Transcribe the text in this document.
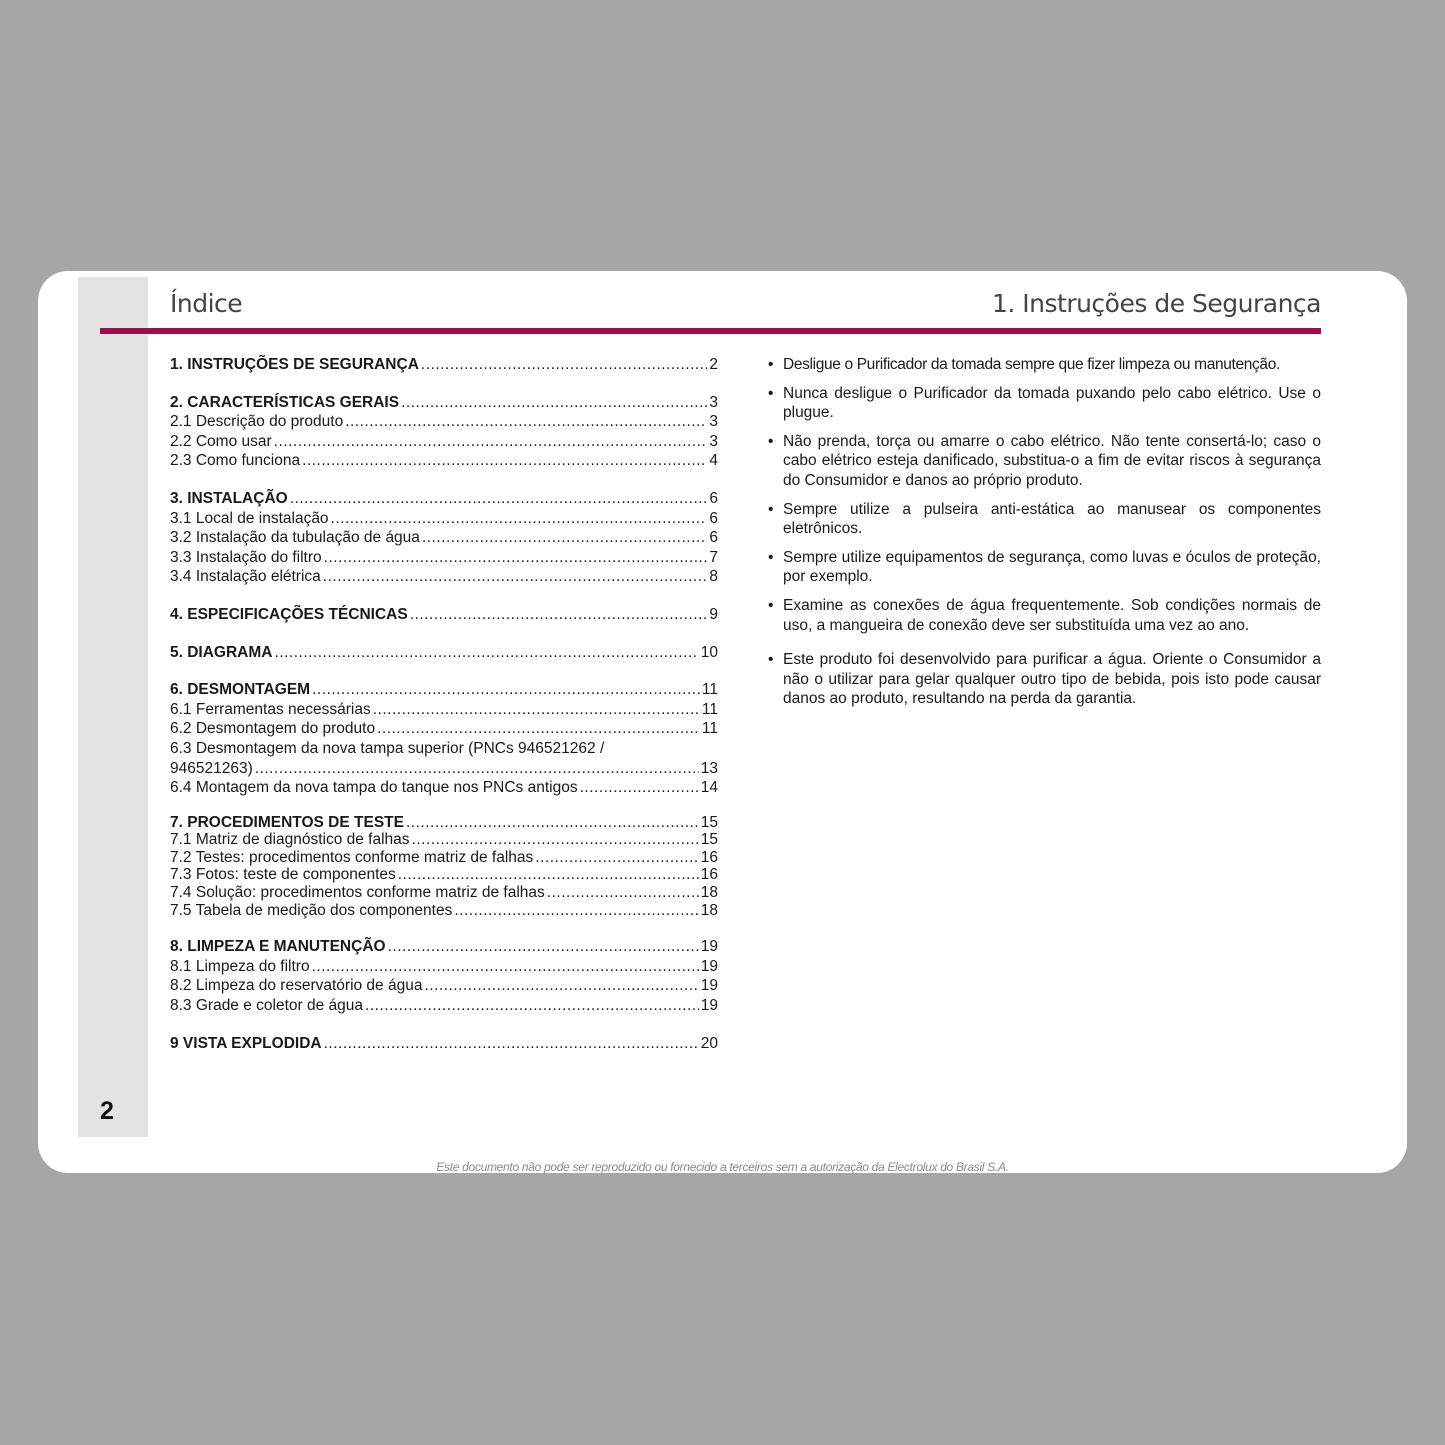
2
Índice	1. Instruções de Segurança
1. INSTRUÇÕES DE SEGURANÇA .....	2
2. CARACTERÍSTICAS GERAIS .....	3
2.1 Descrição do produto .....	3
2.2 Como usar .....	3
2.3 Como funciona .....	4
3. INSTALAÇÃO .....	6
3.1 Local de instalação .....	6
3.2 Instalação da tubulação de água .....	6
3.3 Instalação do filtro .....	7
3.4 Instalação elétrica .....	8
4. ESPECIFICAÇÕES TÉCNICAS .....	9
5. DIAGRAMA .....	10
6. DESMONTAGEM .....	11
6.1 Ferramentas necessárias .....	11
6.2 Desmontagem do produto .....	11
6.3 Desmontagem da nova tampa superior (PNCs 946521262 /
946521263) .....	13
6.4 Montagem da nova tampa do tanque nos PNCs antigos .....	14
7. PROCEDIMENTOS DE TESTE .....	15
7.1 Matriz de diagnóstico de falhas .....	15
7.2 Testes: procedimentos conforme matriz de falhas .....	16
7.3 Fotos: teste de componentes .....	16
7.4 Solução: procedimentos conforme matriz de falhas .....	18
7.5 Tabela de medição dos componentes .....	18
8. LIMPEZA E MANUTENÇÃO .....	19
8.1 Limpeza do filtro .....	19
8.2 Limpeza do reservatório de água .....	19
8.3 Grade e coletor de água .....	19
9 VISTA EXPLODIDA .....	20
• Desligue o Purificador da tomada sempre que fizer limpeza ou manutenção.
• Nunca desligue o Purificador da tomada puxando pelo cabo elétrico. Use o plugue.
• Não prenda, torça ou amarre o cabo elétrico. Não tente consertá-lo; caso o cabo elétrico esteja danificado, substitua-o a fim de evitar riscos à segurança do Consumidor e danos ao próprio produto.
• Sempre utilize a pulseira anti-estática ao manusear os componentes eletrônicos.
• Sempre utilize equipamentos de segurança, como luvas e óculos de proteção, por exemplo.
• Examine as conexões de água frequentemente. Sob condições normais de uso, a mangueira de conexão deve ser substituída uma vez ao ano.
• Este produto foi desenvolvido para purificar a água. Oriente o Consumidor a não o utilizar para gelar qualquer outro tipo de bebida, pois isto pode causar danos ao produto, resultando na perda da garantia.
Este documento não pode ser reproduzido ou fornecido a terceiros sem a autorização da Electrolux do Brasil S.A.
